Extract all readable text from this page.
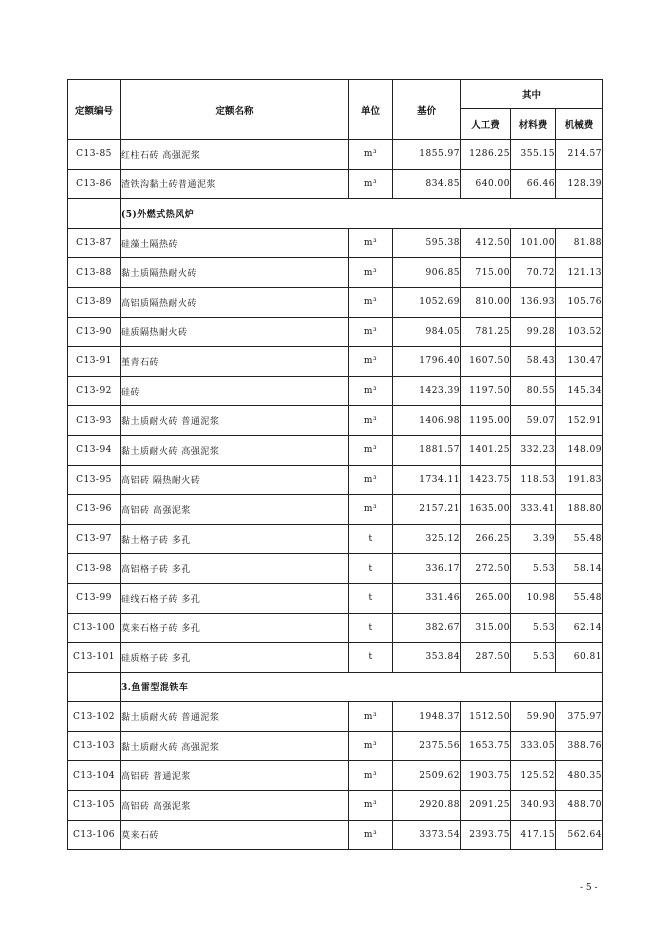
定额编号	定额名称	单位	基价	其中		
				人工费	材料费	机械费
C13-85	红柱石砖 高强泥浆	m³	1855.97	1286.25	355.15	214.57
C13-86	渣铁沟黏土砖普通泥浆	m³	834.85	640.00	66.46	128.39
	(5)外燃式热风炉					
C13-87	硅藻土隔热砖	m³	595.38	412.50	101.00	81.88
C13-88	黏土质隔热耐火砖	m³	906.85	715.00	70.72	121.13
C13-89	高铝质隔热耐火砖	m³	1052.69	810.00	136.93	105.76
C13-90	硅质隔热耐火砖	m³	984.05	781.25	99.28	103.52
C13-91	堇青石砖	m³	1796.40	1607.50	58.43	130.47
C13-92	硅砖	m³	1423.39	1197.50	80.55	145.34
C13-93	黏土质耐火砖 普通泥浆	m³	1406.98	1195.00	59.07	152.91
C13-94	黏土质耐火砖 高强泥浆	m³	1881.57	1401.25	332.23	148.09
C13-95	高铝砖 隔热耐火砖	m³	1734.11	1423.75	118.53	191.83
C13-96	高铝砖 高强泥浆	m³	2157.21	1635.00	333.41	188.80
C13-97	黏土格子砖 多孔	t	325.12	266.25	3.39	55.48
C13-98	高铝格子砖 多孔	t	336.17	272.50	5.53	58.14
C13-99	硅线石格子砖 多孔	t	331.46	265.00	10.98	55.48
C13-100	莫来石格子砖 多孔	t	382.67	315.00	5.53	62.14
C13-101	硅质格子砖 多孔	t	353.84	287.50	5.53	60.81
	3.鱼雷型混铁车					
C13-102	黏土质耐火砖 普通泥浆	m³	1948.37	1512.50	59.90	375.97
C13-103	黏土质耐火砖 高强泥浆	m³	2375.56	1653.75	333.05	388.76
C13-104	高铝砖 普通泥浆	m³	2509.62	1903.75	125.52	480.35
C13-105	高铝砖 高强泥浆	m³	2920.88	2091.25	340.93	488.70
C13-106	莫来石砖	m³	3373.54	2393.75	417.15	562.64
- 5 -
